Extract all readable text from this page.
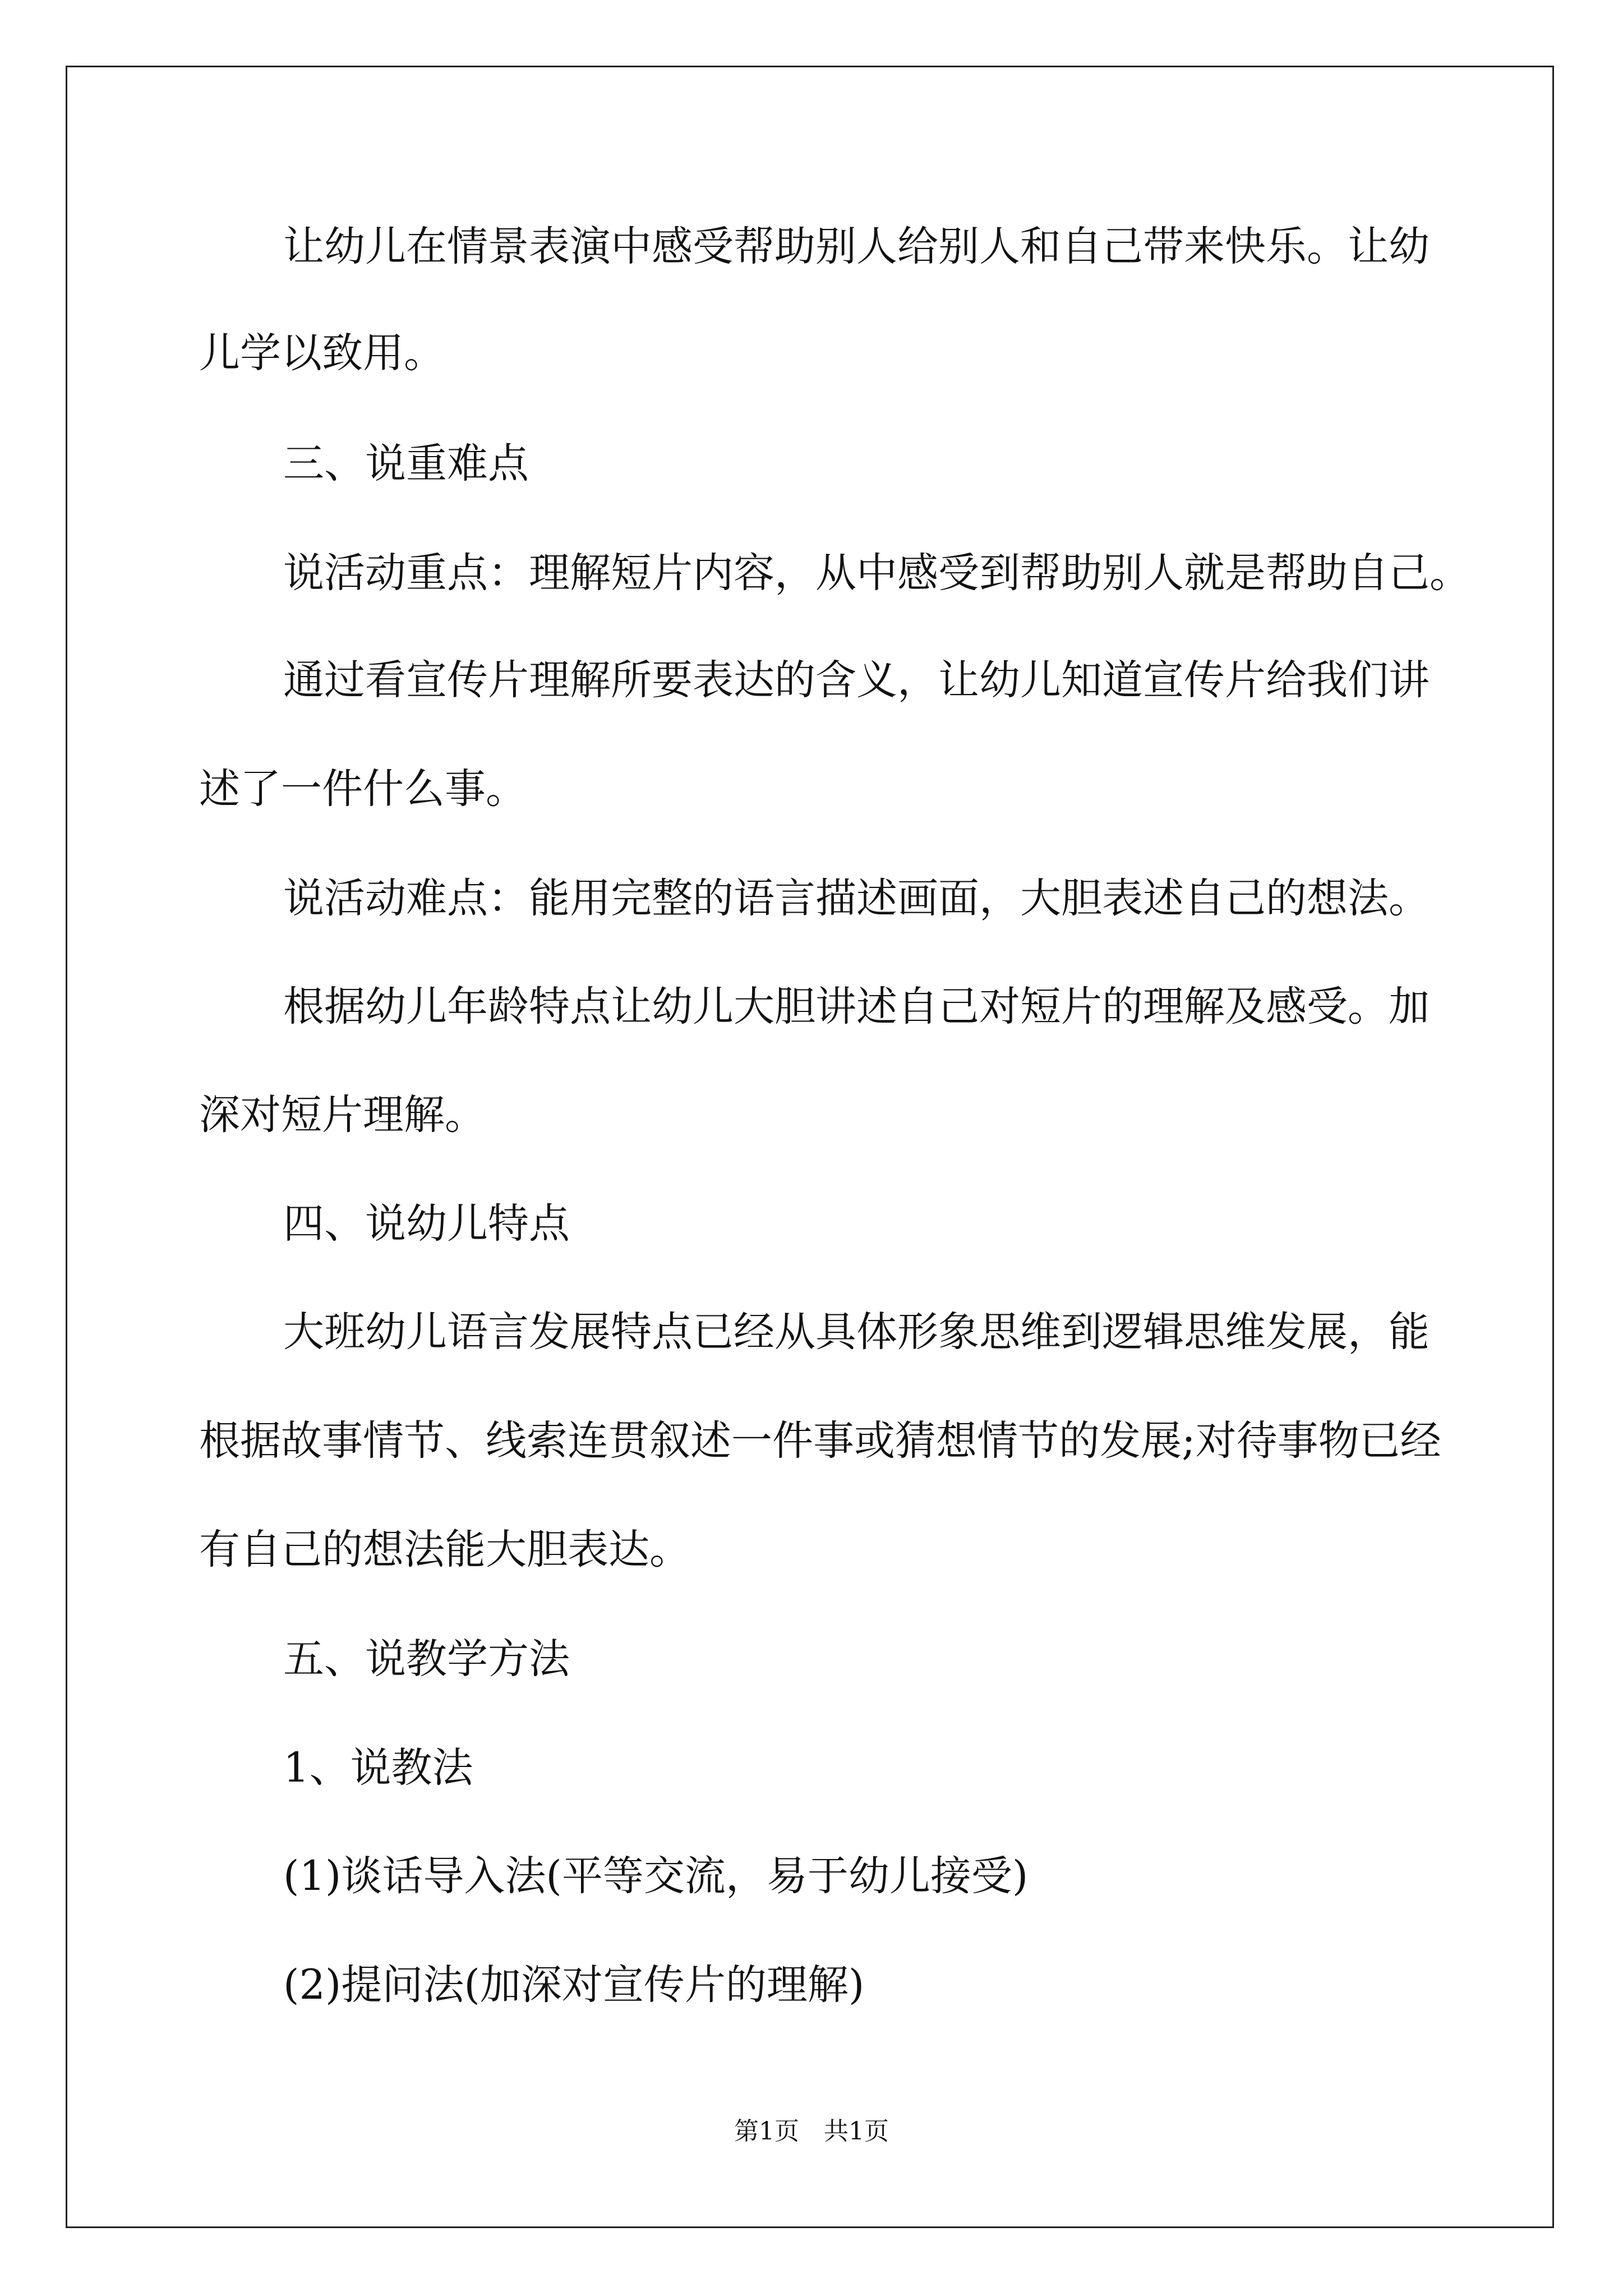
让幼儿在情景表演中感受帮助别人给别人和自己带来快乐。让幼

儿学以致用。

三、说重难点

说活动重点：理解短片内容，从中感受到帮助别人就是帮助自己。

通过看宣传片理解所要表达的含义，让幼儿知道宣传片给我们讲

述了一件什么事。

说活动难点：能用完整的语言描述画面，大胆表述自己的想法。

根据幼儿年龄特点让幼儿大胆讲述自己对短片的理解及感受。加

深对短片理解。

四、说幼儿特点

大班幼儿语言发展特点已经从具体形象思维到逻辑思维发展，能

根据故事情节、线索连贯叙述一件事或猜想情节的发展;对待事物已经

有自己的想法能大胆表达。

五、说教学方法

1、说教法

(1)谈话导入法(平等交流，易于幼儿接受)

(2)提问法(加深对宣传片的理解)

第1页　共1页
